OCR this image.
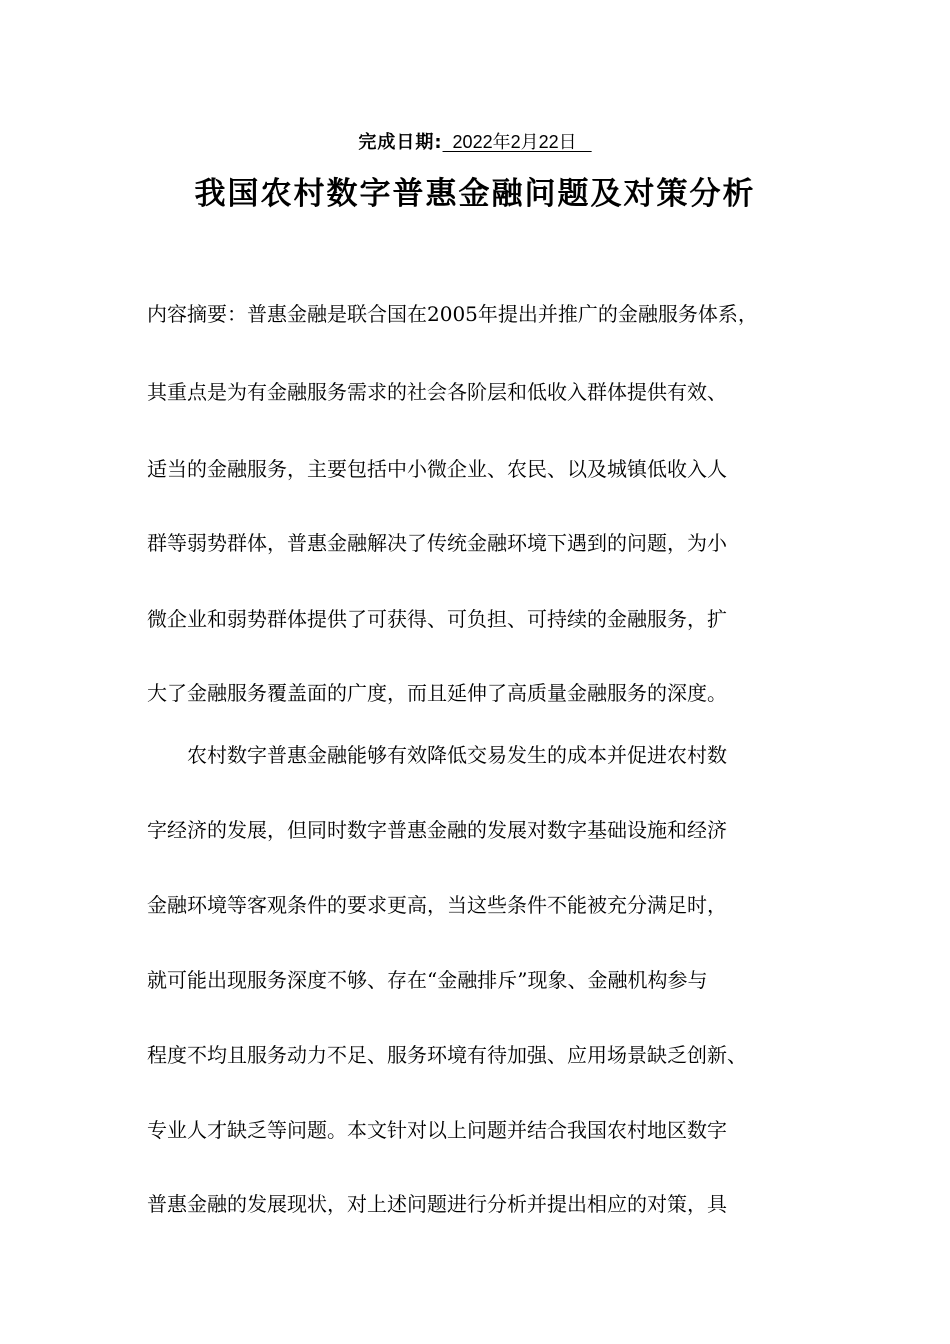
完成日期:  2022年2月22日
我国农村数字普惠金融问题及对策分析
内容摘要：普惠金融是联合国在2005年提出并推广的金融服务体系，
其重点是为有金融服务需求的社会各阶层和低收入群体提供有效、
适当的金融服务，主要包括中小微企业、农民、以及城镇低收入人
群等弱势群体，普惠金融解决了传统金融环境下遇到的问题，为小
微企业和弱势群体提供了可获得、可负担、可持续的金融服务，扩
大了金融服务覆盖面的广度，而且延伸了高质量金融服务的深度。
　　农村数字普惠金融能够有效降低交易发生的成本并促进农村数
字经济的发展，但同时数字普惠金融的发展对数字基础设施和经济
金融环境等客观条件的要求更高，当这些条件不能被充分满足时，
就可能出现服务深度不够、存在“金融排斥”现象、金融机构参与
程度不均且服务动力不足、服务环境有待加强、应用场景缺乏创新、
专业人才缺乏等问题。本文针对以上问题并结合我国农村地区数字
普惠金融的发展现状，对上述问题进行分析并提出相应的对策，具
